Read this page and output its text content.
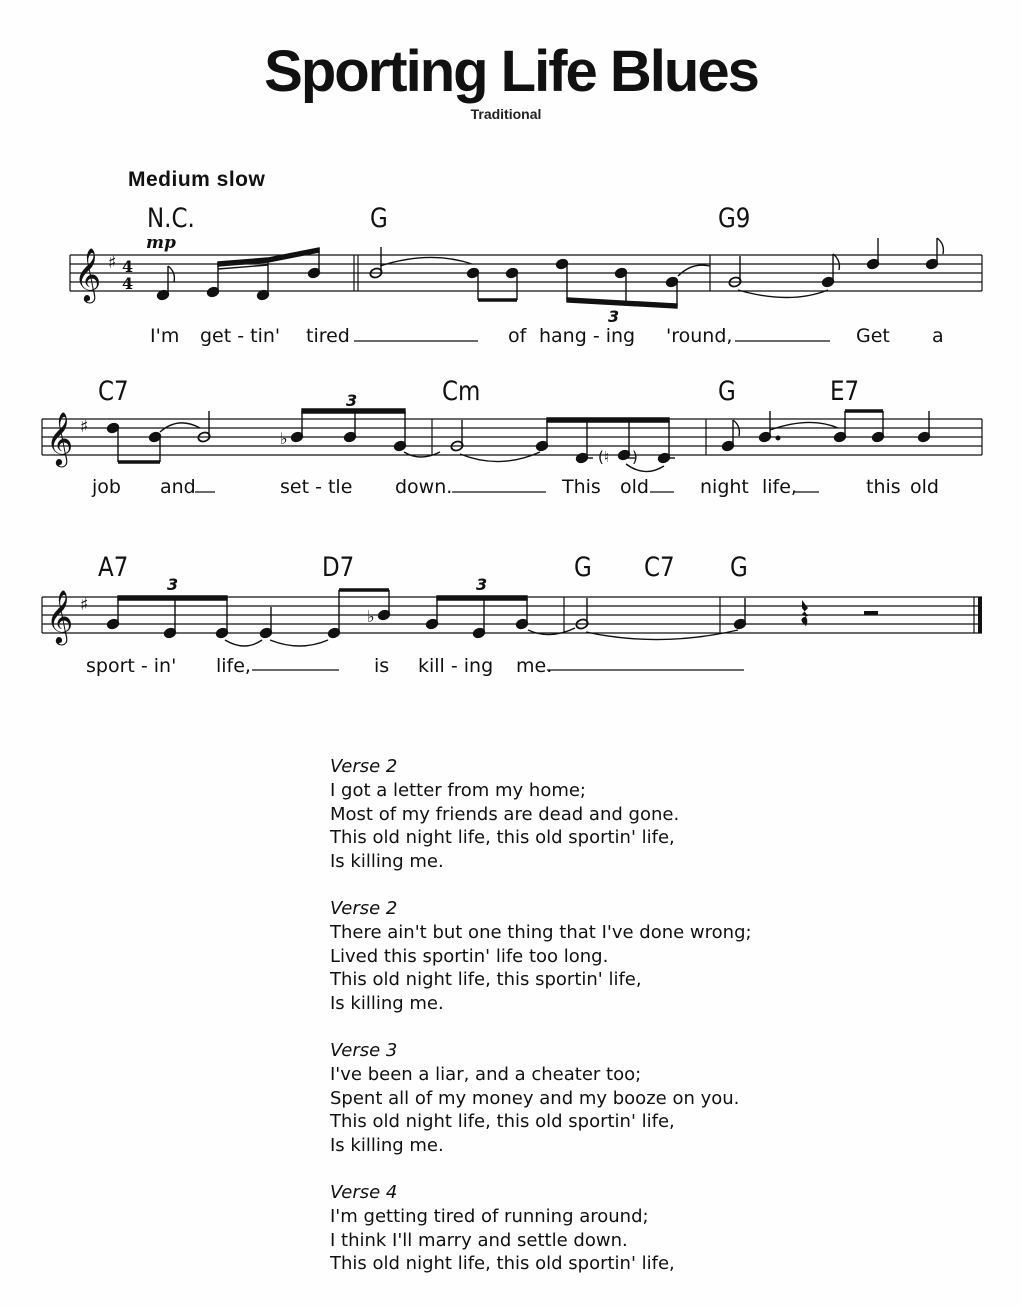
Sporting Life Blues
Traditional
Medium slow
N.C.	G	G9
mp
C7	Cm	G	E7
A7	D7	G C7 G
𝄞 ♯ 4
4
3
𝄞 ♯
♭
(♮ )
3
𝄞 ♯
♭
3	3
I'm get - tin' tired	of hang - ing 'round,	Get a
job and	set - tle down.	This old	night life,	this old
sport - in' life,	is kill - ing me.
Verse 2
I got a letter from my home;
Most of my friends are dead and gone.
This old night life, this old sportin' life,
Is killing me.
Verse 2
There ain't but one thing that I've done wrong;
Lived this sportin' life too long.
This old night life, this sportin' life,
Is killing me.
Verse 3
I've been a liar, and a cheater too;
Spent all of my money and my booze on you.
This old night life, this old sportin' life,
Is killing me.
Verse 4
I'm getting tired of running around;
I think I'll marry and settle down.
This old night life, this old sportin' life,
